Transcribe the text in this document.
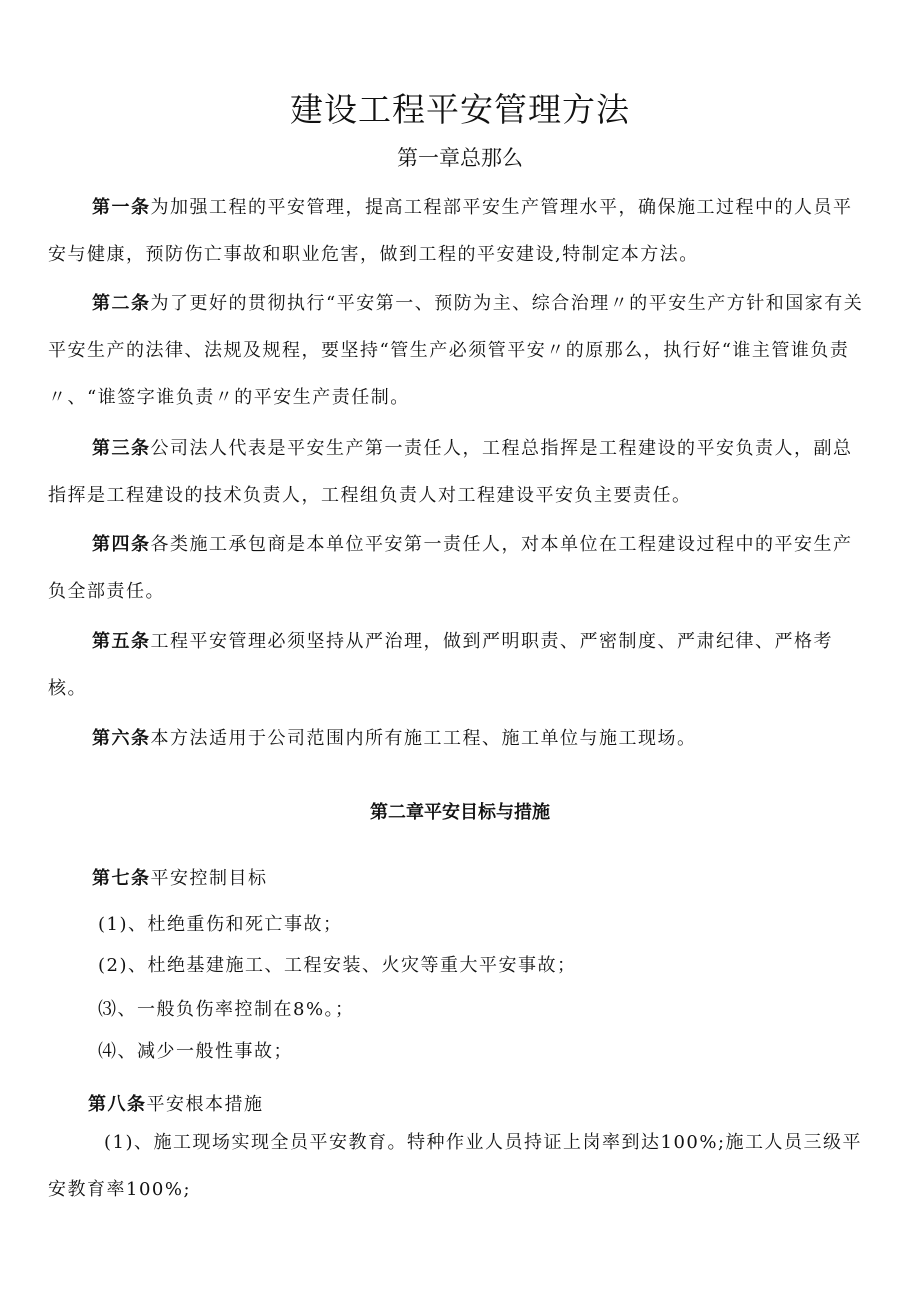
建设工程平安管理方法
第一章总那么

第一条为加强工程的平安管理，提高工程部平安生产管理水平，确保施工过程中的人员平安与健康，预防伤亡事故和职业危害，做到工程的平安建设,特制定本方法。

第二条为了更好的贯彻执行“平安第一、预防为主、综合治理〃的平安生产方针和国家有关平安生产的法律、法规及规程，要坚持“管生产必须管平安〃的原那么，执行好“谁主管谁负责〃、“谁签字谁负责〃的平安生产责任制。

第三条公司法人代表是平安生产第一责任人，工程总指挥是工程建设的平安负责人，副总指挥是工程建设的技术负责人，工程组负责人对工程建设平安负主要责任。

第四条各类施工承包商是本单位平安第一责任人，对本单位在工程建设过程中的平安生产负全部责任。

第五条工程平安管理必须坚持从严治理，做到严明职责、严密制度、严肃纪律、严格考核。

第六条本方法适用于公司范围内所有施工工程、施工单位与施工现场。

第二章平安目标与措施
第七条平安控制目标
(1)、杜绝重伤和死亡事故；
(2)、杜绝基建施工、工程安装、火灾等重大平安事故；
⑶、一般负伤率控制在8%。；
⑷、减少一般性事故；
第八条平安根本措施

(1)、施工现场实现全员平安教育。特种作业人员持证上岗率到达100%;施工人员三级平安教育率100%;
